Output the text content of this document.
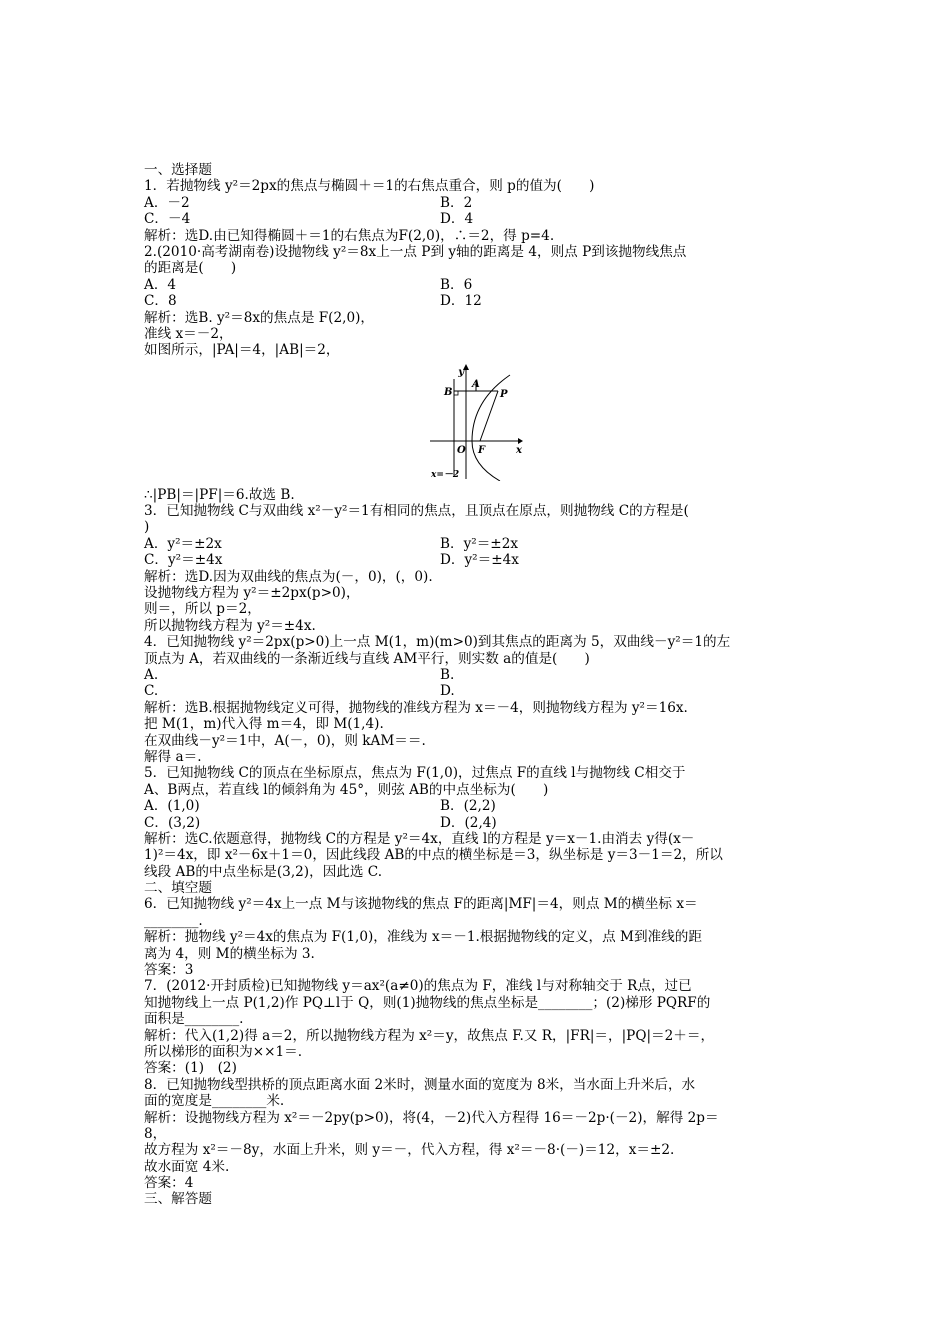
一、选择题
1．若抛物线 y²＝2px的焦点与椭圆＋＝1的右焦点重合，则 p的值为(　　)
A．－2	B．2
C．－4	D．4
解析：选D.由已知得椭圆＋＝1的右焦点为F(2,0)，∴＝2，得 p=4.
2.(2010·高考湖南卷)设抛物线 y²＝8x上一点 P到 y轴的距离是 4，则点 P到该抛物线焦点
的距离是(　　)
A．4	B．6
C．8	D．12
解析：选B. y²＝8x的焦点是 F(2,0)，
准线 x＝－2，
如图所示，|PA|＝4，|AB|＝2，
y
x
A
B	P
O F
x=－2
∴|PB|＝|PF|＝6.故选 B.
3．已知抛物线 C与双曲线 x²－y²＝1有相同的焦点，且顶点在原点，则抛物线 C的方程是(
)
A．y²＝±2x	B．y²＝±2x
C．y²＝±4x	D．y²＝±4x
解析：选D.因为双曲线的焦点为(－，0)，(，0).
设抛物线方程为 y²＝±2px(p>0)，
则＝，所以 p＝2，
所以抛物线方程为 y²＝±4x.
4．已知抛物线 y²＝2px(p>0)上一点 M(1，m)(m>0)到其焦点的距离为 5，双曲线－y²＝1的左
顶点为 A，若双曲线的一条渐近线与直线 AM平行，则实数 a的值是(　　)
A.	B.
C.	D.
解析：选B.根据抛物线定义可得，抛物线的准线方程为 x＝－4，则抛物线方程为 y²＝16x.
把 M(1，m)代入得 m＝4，即 M(1,4).
在双曲线－y²＝1中，A(－，0)，则 kAM＝＝.
解得 a＝.
5．已知抛物线 C的顶点在坐标原点，焦点为 F(1,0)，过焦点 F的直线 l与抛物线 C相交于
A、B两点，若直线 l的倾斜角为 45°，则弦 AB的中点坐标为(　　)
A．(1,0)	B．(2,2)
C．(3,2)	D．(2,4)
解析：选C.依题意得，抛物线 C的方程是 y²＝4x，直线 l的方程是 y＝x－1.由消去 y得(x－
1)²＝4x，即 x²－6x＋1＝0，因此线段 AB的中点的横坐标是＝3，纵坐标是 y＝3－1＝2，所以
线段 AB的中点坐标是(3,2)，因此选 C.
二、填空题
6．已知抛物线 y²＝4x上一点 M与该抛物线的焦点 F的距离|MF|＝4，则点 M的横坐标 x＝
________.
解析：抛物线 y²＝4x的焦点为 F(1,0)，准线为 x＝－1.根据抛物线的定义，点 M到准线的距
离为 4，则 M的横坐标为 3.
答案：3
7．(2012·开封质检)已知抛物线 y＝ax²(a≠0)的焦点为 F，准线 l与对称轴交于 R点，过已
知抛物线上一点 P(1,2)作 PQ⊥l于 Q，则(1)抛物线的焦点坐标是________；(2)梯形 PQRF的
面积是________.
解析：代入(1,2)得 a＝2，所以抛物线方程为 x²＝y，故焦点 F.又 R，|FR|＝，|PQ|＝2＋＝，
所以梯形的面积为××1＝.
答案：(1)　(2)
8．已知抛物线型拱桥的顶点距离水面 2米时，测量水面的宽度为 8米，当水面上升米后，水
面的宽度是________米.
解析：设抛物线方程为 x²＝－2py(p>0)，将(4，－2)代入方程得 16＝－2p·(－2)，解得 2p＝
8，
故方程为 x²＝－8y，水面上升米，则 y＝－，代入方程，得 x²＝－8·(－)＝12，x＝±2.
故水面宽 4米.
答案：4
三、解答题
